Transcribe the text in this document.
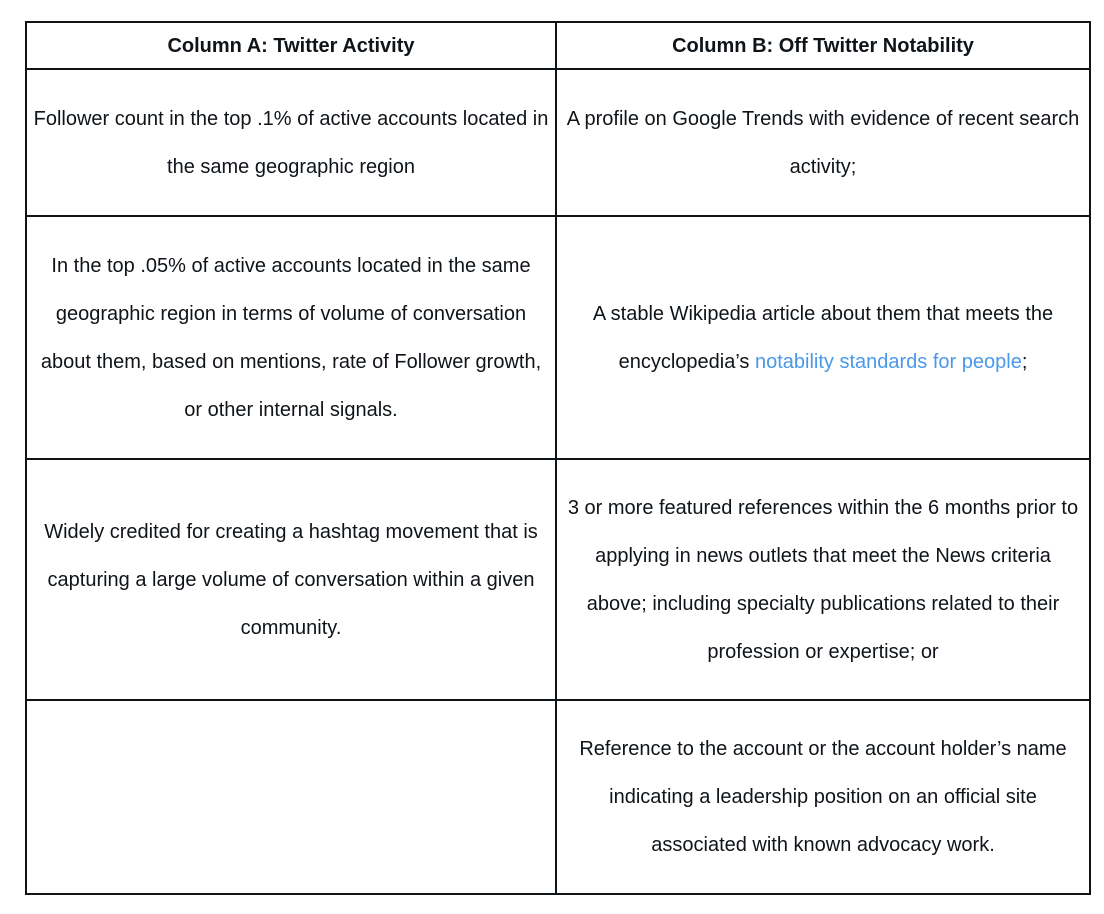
Column A: Twitter Activity	Column B: Off Twitter Notability
Follower count in the top .1% of active accounts located in the same geographic region	A profile on Google Trends with evidence of recent search activity;
In the top .05% of active accounts located in the same geographic region in terms of volume of conversation about them, based on mentions, rate of Follower growth, or other internal signals.	A stable Wikipedia article about them that meets the encyclopedia’s notability standards for people;
Widely credited for creating a hashtag movement that is capturing a large volume of conversation within a given community.	3 or more featured references within the 6 months prior to applying in news outlets that meet the News criteria above; including specialty publications related to their profession or expertise; or
	Reference to the account or the account holder’s name indicating a leadership position on an official site associated with known advocacy work.
